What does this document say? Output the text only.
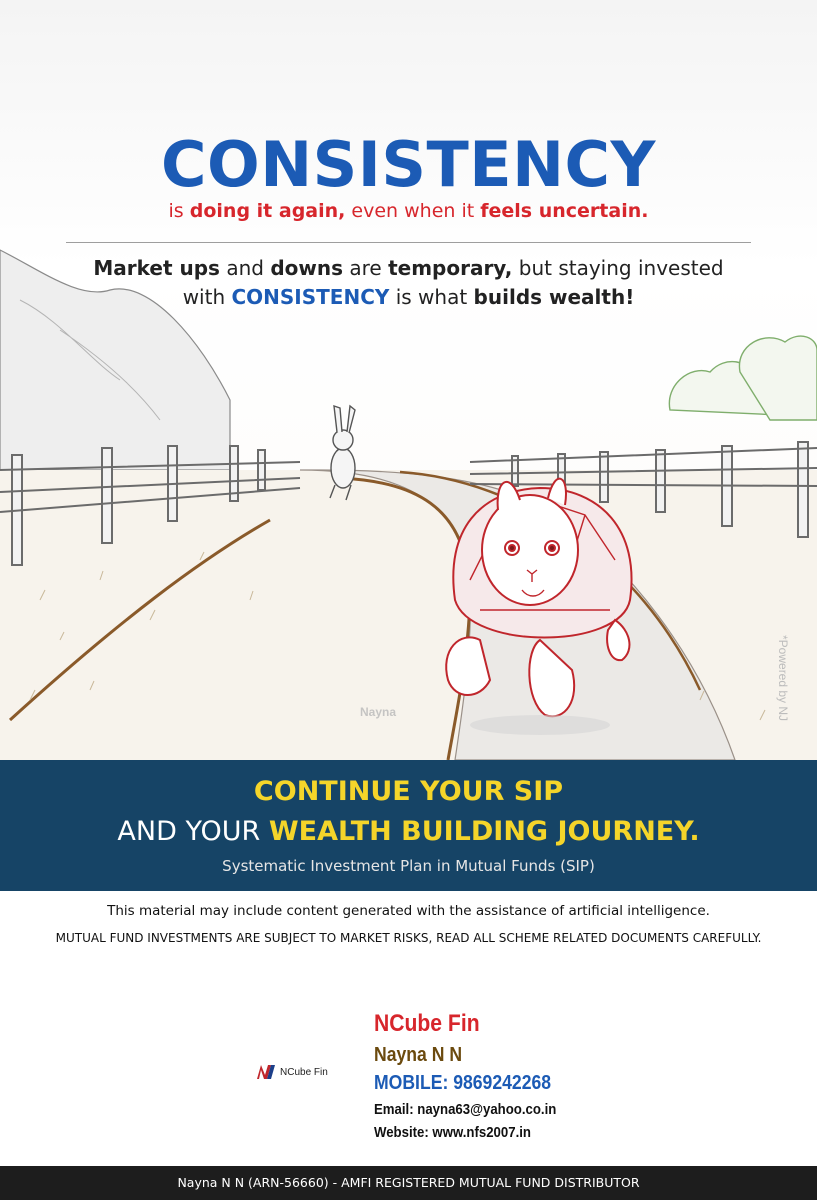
CONSISTENCY
is doing it again, even when it feels uncertain.
Market ups and downs are temporary, but staying invested
with CONSISTENCY is what builds wealth!
Nayna	*Powered by NJ
CONTINUE YOUR SIP
AND YOUR WEALTH BUILDING JOURNEY.
Systematic Investment Plan in Mutual Funds (SIP)
This material may include content generated with the assistance of artificial intelligence.
MUTUAL FUND INVESTMENTS ARE SUBJECT TO MARKET RISKS, READ ALL SCHEME RELATED DOCUMENTS CAREFULLY.
NCube Fin
NCube Fin
Nayna N N
MOBILE: 9869242268
Email: nayna63@yahoo.co.in
Website: www.nfs2007.in
Nayna N N (ARN-56660) - AMFI REGISTERED MUTUAL FUND DISTRIBUTOR
